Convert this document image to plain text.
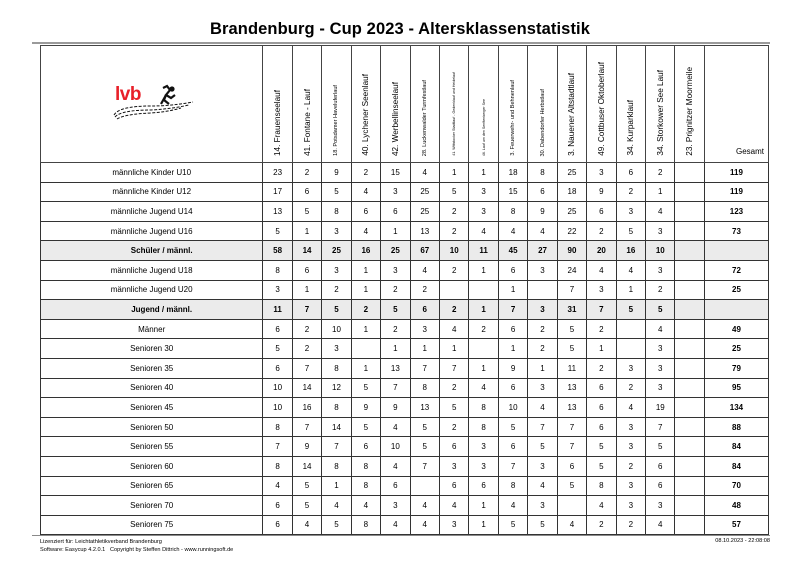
Brandenburg - Cup 2023 - Altersklassenstatistik
lvb	14. Frauenseelauf	41. Fontane - Lauf	18. Potsdamer Haveluferlauf	40. Lychener Seenlauf	42. Werbellinseelauf	28. Luckenwalder Turmfestlauf	41. Wittstocker Stadtlauf - Gedenklauf und Heidelauf	46. Lauf um den Senftenberger See	3. Feuerwehr- und Behnenlauf	30. Dabendorfer Herbstlauf	3. Nauener Altstadtlauf	49. Cottbuser Oktoberlauf	34. Kurparklauf	34. Storkower See Lauf	23. Prignitzer Moormeile	Gesamt
männliche Kinder U10	23	2	9	2	15	4	1	1	18	8	25	3	6	2		119
männliche Kinder U12	17	6	5	4	3	25	5	3	15	6	18	9	2	1		119
männliche Jugend U14	13	5	8	6	6	25	2	3	8	9	25	6	3	4		123
männliche Jugend U16	5	1	3	4	1	13	2	4	4	4	22	2	5	3		73
Schüler / männl.	58	14	25	16	25	67	10	11	45	27	90	20	16	10		
männliche Jugend U18	8	6	3	1	3	4	2	1	6	3	24	4	4	3		72
männliche Jugend U20	3	1	2	1	2	2			1		7	3	1	2		25
Jugend / männl.	11	7	5	2	5	6	2	1	7	3	31	7	5	5		
Männer	6	2	10	1	2	3	4	2	6	2	5	2		4		49
Senioren 30	5	2	3		1	1	1		1	2	5	1		3		25
Senioren 35	6	7	8	1	13	7	7	1	9	1	11	2	3	3		79
Senioren 40	10	14	12	5	7	8	2	4	6	3	13	6	2	3		95
Senioren 45	10	16	8	9	9	13	5	8	10	4	13	6	4	19		134
Senioren 50	8	7	14	5	4	5	2	8	5	7	7	6	3	7		88
Senioren 55	7	9	7	6	10	5	6	3	6	5	7	5	3	5		84
Senioren 60	8	14	8	8	4	7	3	3	7	3	6	5	2	6		84
Senioren 65	4	5	1	8	6		6	6	8	4	5	8	3	6		70
Senioren 70	6	5	4	4	3	4	4	1	4	3		4	3	3		48
Senioren 75	6	4	5	8	4	4	3	1	5	5	4	2	2	4		57
Lizenziert für: Leichtathletikverband Brandenburg
Software: Easycup 4.2.0.1   Copyright by Steffen Dittrich - www.runningsoft.de
08.10.2023 - 22:08:08
